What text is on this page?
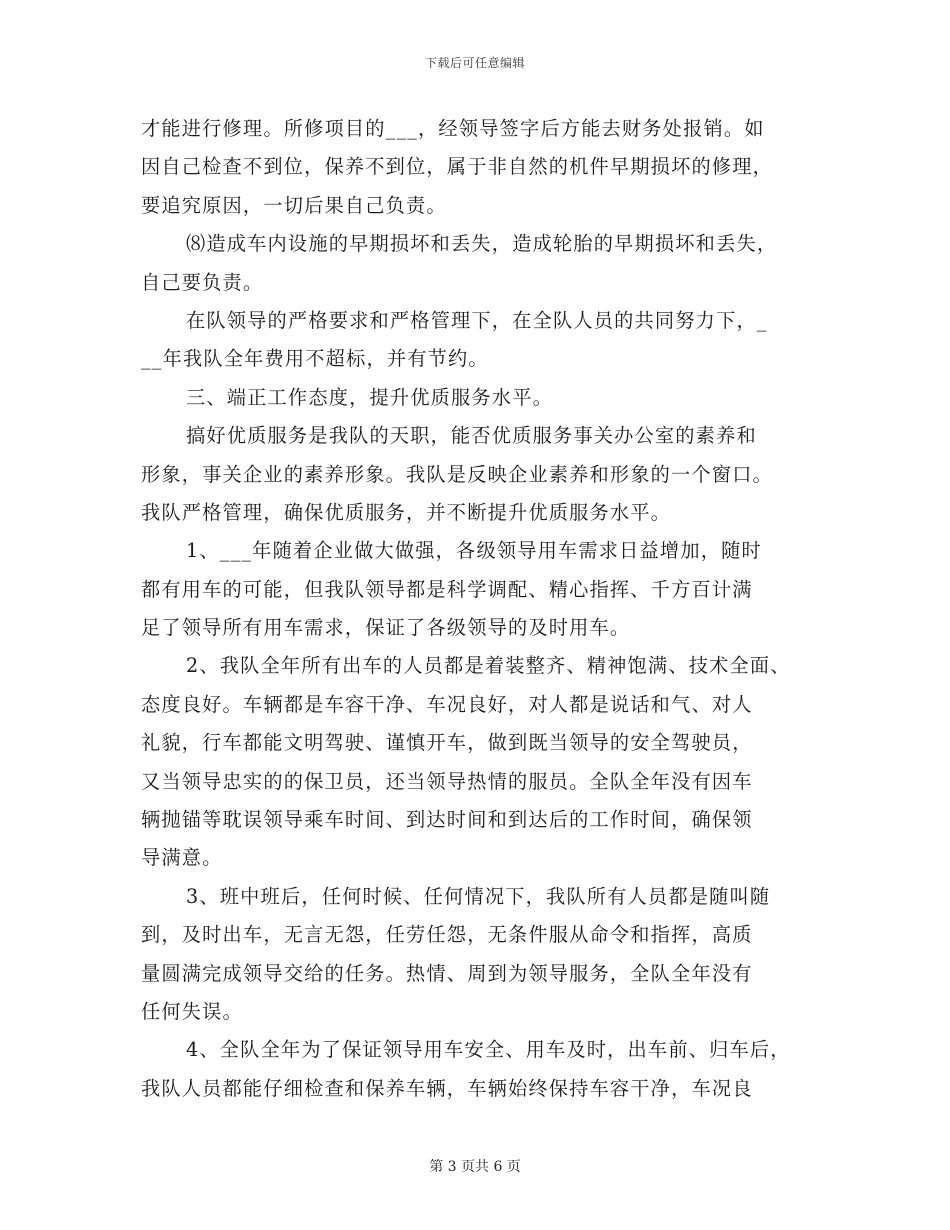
下载后可任意编辑
才能进行修理。所修项目的___，经领导签字后方能去财务处报销。如
因自己检查不到位，保养不到位，属于非自然的机件早期损坏的修理，
要追究原因，一切后果自己负责。
⑻造成车内设施的早期损坏和丢失，造成轮胎的早期损坏和丢失，
自己要负责。
在队领导的严格要求和严格管理下，在全队人员的共同努力下，_
__年我队全年费用不超标，并有节约。
三、端正工作态度，提升优质服务水平。
搞好优质服务是我队的天职，能否优质服务事关办公室的素养和
形象，事关企业的素养形象。我队是反映企业素养和形象的一个窗口。
我队严格管理，确保优质服务，并不断提升优质服务水平。
1、___年随着企业做大做强，各级领导用车需求日益增加，随时
都有用车的可能，但我队领导都是科学调配、精心指挥、千方百计满
足了领导所有用车需求，保证了各级领导的及时用车。
2、我队全年所有出车的人员都是着装整齐、精神饱满、技术全面、
态度良好。车辆都是车容干净、车况良好，对人都是说话和气、对人
礼貌，行车都能文明驾驶、谨慎开车，做到既当领导的安全驾驶员，
又当领导忠实的的保卫员，还当领导热情的服员。全队全年没有因车
辆抛锚等耽误领导乘车时间、到达时间和到达后的工作时间，确保领
导满意。
3、班中班后，任何时候、任何情况下，我队所有人员都是随叫随
到，及时出车，无言无怨，任劳任怨，无条件服从命令和指挥，高质
量圆满完成领导交给的任务。热情、周到为领导服务，全队全年没有
任何失误。
4、全队全年为了保证领导用车安全、用车及时，出车前、归车后，
我队人员都能仔细检查和保养车辆，车辆始终保持车容干净，车况良
第 3 页共 6 页
